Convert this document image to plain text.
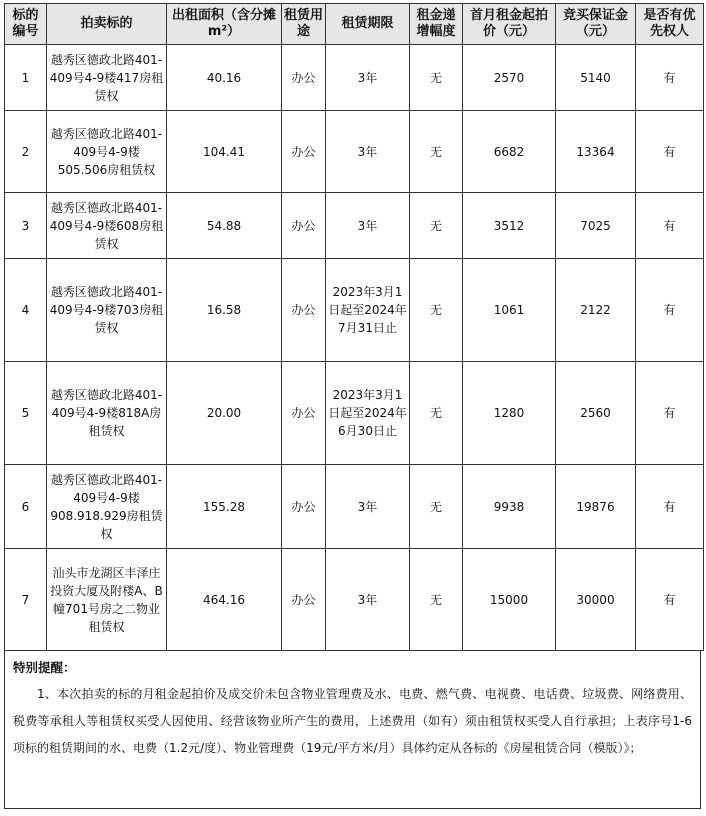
标的编号	拍卖标的	出租面积（含分摊m²）	租赁用途	租赁期限	租金递增幅度	首月租金起拍价（元）	竞买保证金（元）	是否有优先权人
1	越秀区德政北路401-409号4-9楼417房租赁权	40.16	办公	3年	无	2570	5140	有
2	越秀区德政北路401-409号4-9楼505.506房租赁权	104.41	办公	3年	无	6682	13364	有
3	越秀区德政北路401-409号4-9楼608房租赁权	54.88	办公	3年	无	3512	7025	有
4	越秀区德政北路401-409号4-9楼703房租赁权	16.58	办公	2023年3月1日起至2024年7月31日止	无	1061	2122	有
5	越秀区德政北路401-409号4-9楼818A房租赁权	20.00	办公	2023年3月1日起至2024年6月30日止	无	1280	2560	有
6	越秀区德政北路401-409号4-9楼908.918.929房租赁权	155.28	办公	3年	无	9938	19876	有
7	汕头市龙湖区丰泽庄投资大厦及附楼A、B幢701号房之二物业租赁权	464.16	办公	3年	无	15000	30000	有
特别提醒：
1、本次拍卖的标的月租金起拍价及成交价未包含物业管理费及水、电费、燃气费、电视费、电话费、垃圾费、网络费用、税费等承租人等租赁权买受人因使用、经营该物业所产生的费用，上述费用（如有）须由租赁权买受人自行承担；上表序号1-6项标的租赁期间的水、电费（1.2元/度）、物业管理费（19元/平方米/月）具体约定从各标的《房屋租赁合同（模版）》；
